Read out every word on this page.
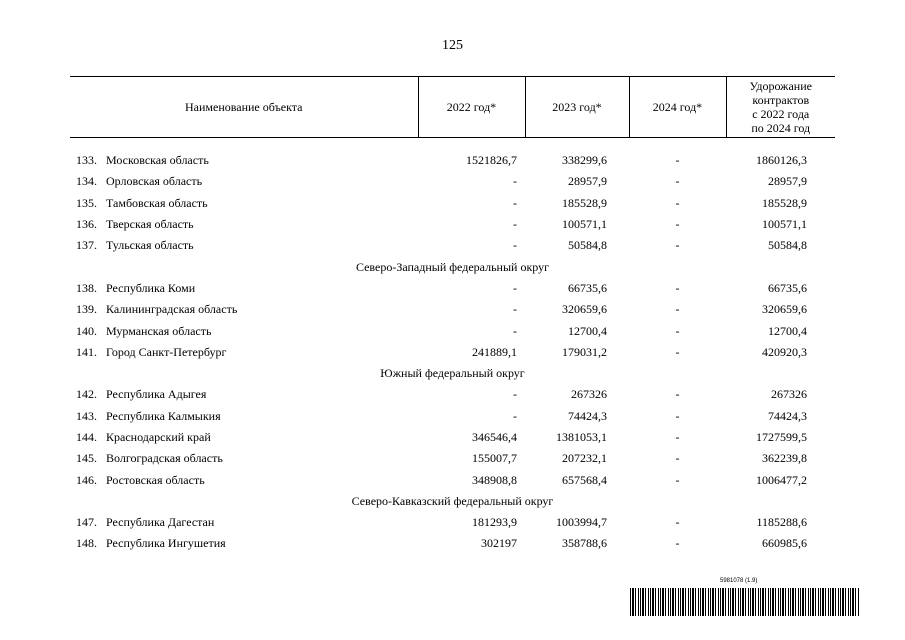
125
Наименование объекта		2022 год*	2023 год*	2024 год*	Удорожание
контрактов
с 2022 года
по 2024 год

133.	Московская область	1521826,7	338299,6	-	1860126,3
134.	Орловская область	-	28957,9	-	28957,9
135.	Тамбовская область	-	185528,9	-	185528,9
136.	Тверская область	-	100571,1	-	100571,1
137.	Тульская область	-	50584,8	-	50584,8
Северо-Западный федеральный округ					
138.	Республика Коми	-	66735,6	-	66735,6
139.	Калининградская область	-	320659,6	-	320659,6
140.	Мурманская область	-	12700,4	-	12700,4
141.	Город Санкт-Петербург	241889,1	179031,2	-	420920,3
Южный федеральный округ					
142.	Республика Адыгея	-	267326	-	267326
143.	Республика Калмыкия	-	74424,3	-	74424,3
144.	Краснодарский край	346546,4	1381053,1	-	1727599,5
145.	Волгоградская область	155007,7	207232,1	-	362239,8
146.	Ростовская область	348908,8	657568,4	-	1006477,2
Северо-Кавказский федеральный округ					
147.	Республика Дагестан	181293,9	1003994,7	-	1185288,6
148.	Республика Ингушетия	302197	358788,6	-	660985,6
5981078 (1.9)
